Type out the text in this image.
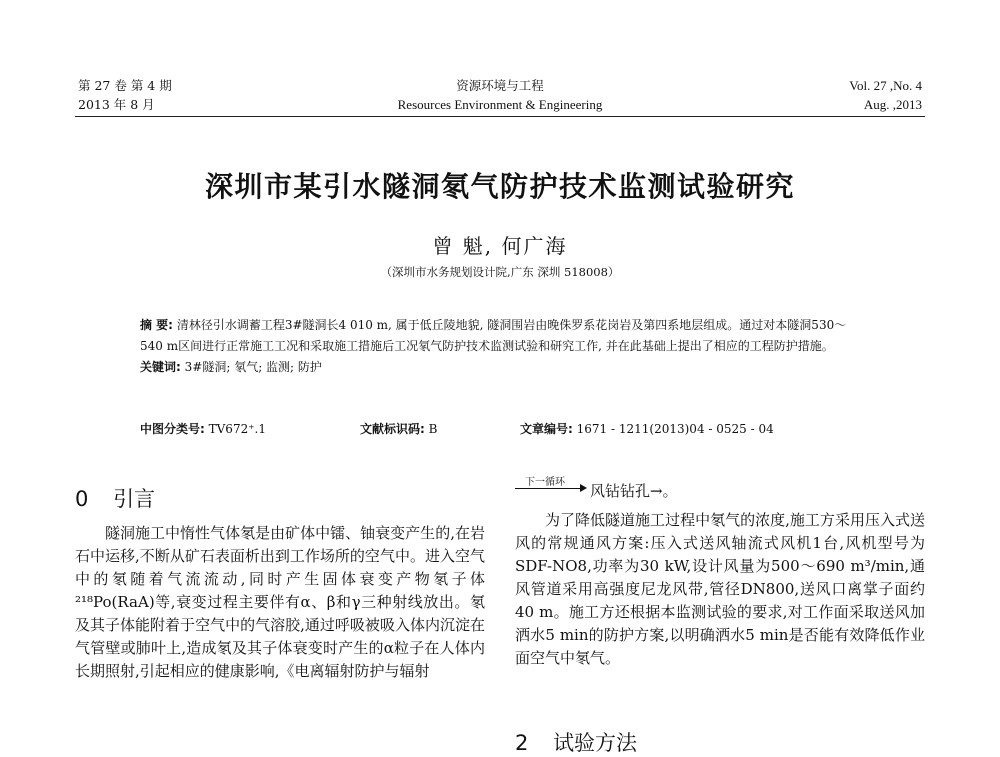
第 27 卷 第 4 期
2013 年 8 月
资源环境与工程
Resources Environment & Engineering
Vol. 27 ,No. 4
Aug. ,2013
深圳市某引水隧洞氡气防护技术监测试验研究
曾 魁, 何广海
（深圳市水务规划设计院,广东 深圳 518008）
摘 要: 清林径引水调蓄工程3#隧洞长4 010 m, 属于低丘陵地貌, 隧洞围岩由晚侏罗系花岗岩及第四系地层组成。通过对本隧洞530～540 m区间进行正常施工工况和采取施工措施后工况氡气防护技术监测试验和研究工作, 并在此基础上提出了相应的工程防护措施。
关键词: 3#隧洞; 氡气; 监测; 防护
中图分类号: TV672⁺.1	文献标识码: B	文章编号: 1671 - 1211(2013)04 - 0525 - 04
0 引言

隧洞施工中惰性气体氡是由矿体中镭、铀衰变产生的,在岩石中运移,不断从矿石表面析出到工作场所的空气中。进入空气中的氡随着气流流动,同时产生固体衰变产物氡子体²¹⁸Po(RaA)等,衰变过程主要伴有α、β和γ三种射线放出。氡及其子体能附着于空气中的气溶胶,通过呼吸被吸入体内沉淀在气管壁或肺叶上,造成氡及其子体衰变时产生的α粒子在人体内长期照射,引起相应的健康影响,《电离辐射防护与辐射

下一循环 风钻钻孔→。

为了降低隧道施工过程中氡气的浓度,施工方采用压入式送风的常规通风方案:压入式送风轴流式风机1台,风机型号为SDF-NO8,功率为30 kW,设计风量为500～690 m³/min,通风管道采用高强度尼龙风带,管径DN800,送风口离掌子面约40 m。施工方还根据本监测试验的要求,对工作面采取送风加洒水5 min的防护方案,以明确洒水5 min是否能有效降低作业面空气中氡气。

2 试验方法
